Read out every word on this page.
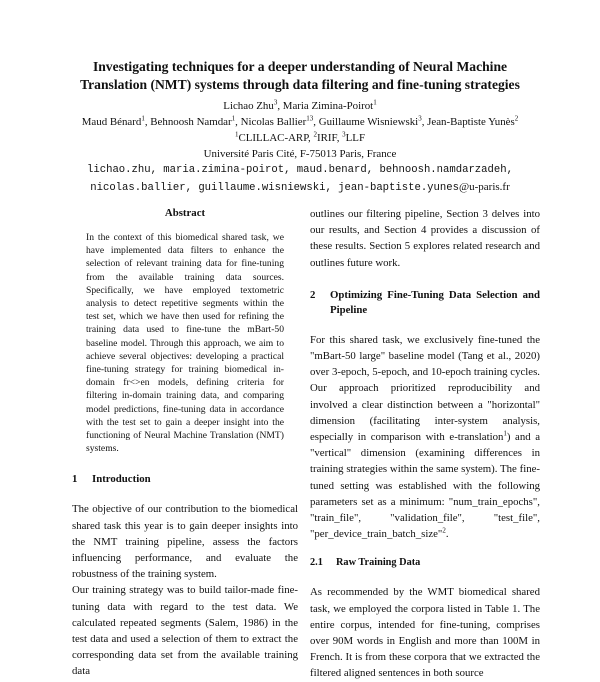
Investigating techniques for a deeper understanding of Neural Machine
Translation (NMT) systems through data filtering and fine-tuning strategies

Lichao Zhu$^3$, Maria Zimina-Poirot$^1$

Maud Bénard$^1$, Behnoosh Namdar$^1$, Nicolas Ballier$^{13}$, Guillaume Wisniewski$^3$, Jean-Baptiste Yunès$^2$

$^1$CLILLAC-ARP, $^2$IRIF, $^3$LLF

Université Paris Cité, F-75013 Paris, France

lichao.zhu, maria.zimina-poirot, maud.benard, behnoosh.namdarzadeh,

nicolas.ballier, guillaume.wisniewski, jean-baptiste.yunes@u-paris.fr

Abstract

In the context of this biomedical shared task, we have implemented data filters to enhance the selection of relevant training data for fine-tuning from the available training data sources. Specifically, we have employed textometric analysis to detect repetitive segments within the test set, which we have then used for refining the training data used to fine-tune the mBart-50 baseline model. Through this approach, we aim to achieve several objectives: developing a practical fine-tuning strategy for training biomedical in-domain fr<>en models, defining criteria for filtering in-domain training data, and comparing model predictions, fine-tuning data in accordance with the test set to gain a deeper insight into the functioning of Neural Machine Translation (NMT) systems.

1	Introduction

The objective of our contribution to the biomedical shared task this year is to gain deeper insights into the NMT training pipeline, assess the factors influencing performance, and evaluate the robustness of the training system.

Our training strategy was to build tailor-made fine-tuning data with regard to the test data. We calculated repeated segments (Salem, 1986) in the test data and used a selection of them to extract the corresponding data set from the available training data

outlines our filtering pipeline, Section 3 delves into our results, and Section 4 provides a discussion of these results. Section 5 explores related research and outlines future work.

2	Optimizing Fine-Tuning Data Selection and Pipeline

For this shared task, we exclusively fine-tuned the "mBart-50 large" baseline model (Tang et al., 2020) over 3-epoch, 5-epoch, and 10-epoch training cycles. Our approach prioritized reproducibility and involved a clear distinction between a "horizontal" dimension (facilitating inter-system analysis, especially in comparison with e-translation$^1$) and a "vertical" dimension (examining differences in training strategies within the same system). The fine-tuned setting was established with the following parameters set as a minimum: "num_train_epochs", "train_file", "validation_file", "test_file", "per_device_train_batch_size"$^2$.

2.1	Raw Training Data

As recommended by the WMT biomedical shared task, we employed the corpora listed in Table 1. The entire corpus, intended for fine-tuning, comprises over 90M words in English and more than 100M in French. It is from these corpora that we extracted the filtered aligned sentences in both source
